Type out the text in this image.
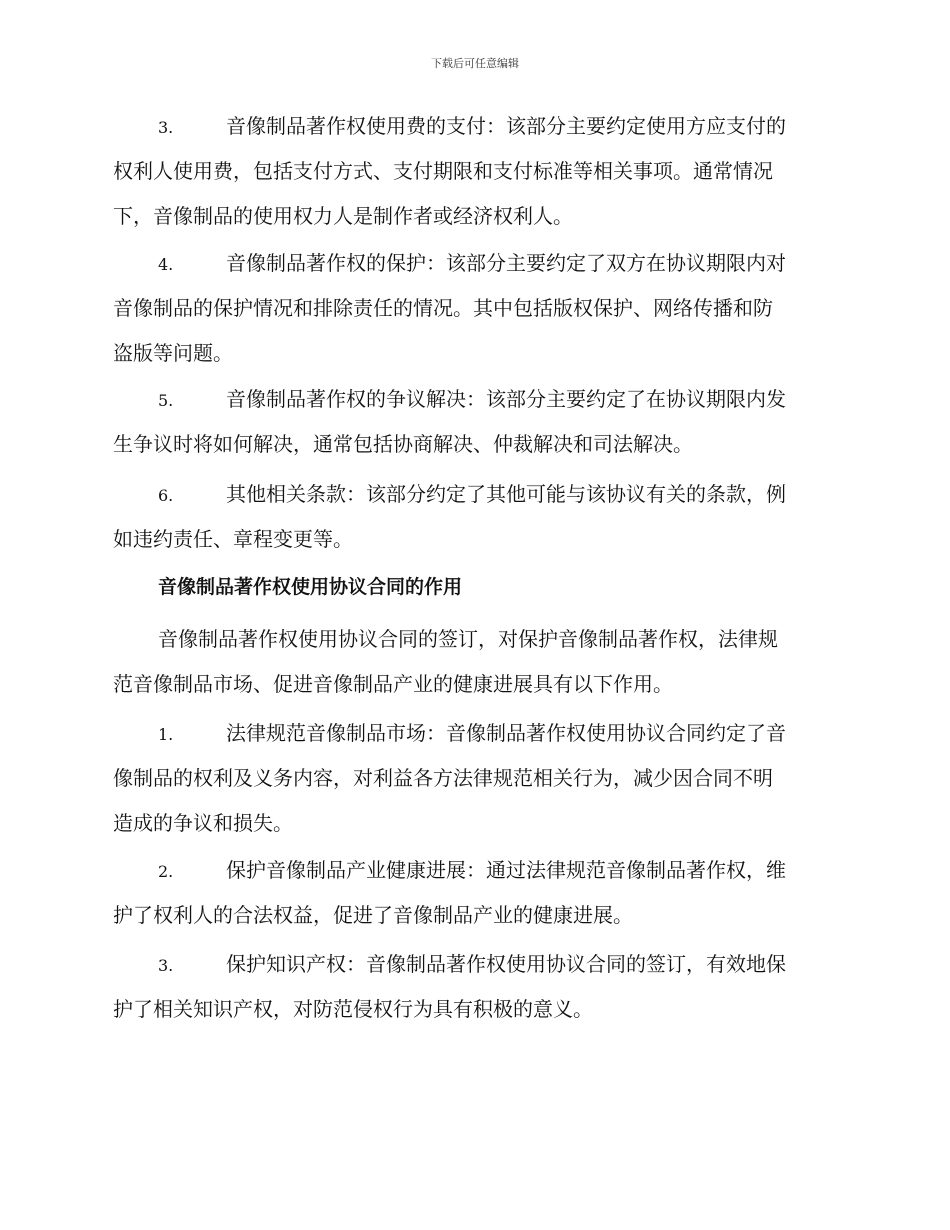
下载后可任意编辑
3.	音像制品著作权使用费的支付：该部分主要约定使用方应支付的
权利人使用费，包括支付方式、支付期限和支付标准等相关事项。通常情况
下，音像制品的使用权力人是制作者或经济权利人。
4.	音像制品著作权的保护：该部分主要约定了双方在协议期限内对
音像制品的保护情况和排除责任的情况。其中包括版权保护、网络传播和防
盗版等问题。
5.	音像制品著作权的争议解决：该部分主要约定了在协议期限内发
生争议时将如何解决，通常包括协商解决、仲裁解决和司法解决。
6.	其他相关条款：该部分约定了其他可能与该协议有关的条款，例
如违约责任、章程变更等。
音像制品著作权使用协议合同的作用
音像制品著作权使用协议合同的签订，对保护音像制品著作权，法律规
范音像制品市场、促进音像制品产业的健康进展具有以下作用。
1.	法律规范音像制品市场：音像制品著作权使用协议合同约定了音
像制品的权利及义务内容，对利益各方法律规范相关行为，减少因合同不明
造成的争议和损失。
2.	保护音像制品产业健康进展：通过法律规范音像制品著作权，维
护了权利人的合法权益，促进了音像制品产业的健康进展。
3.	保护知识产权：音像制品著作权使用协议合同的签订，有效地保
护了相关知识产权，对防范侵权行为具有积极的意义。
